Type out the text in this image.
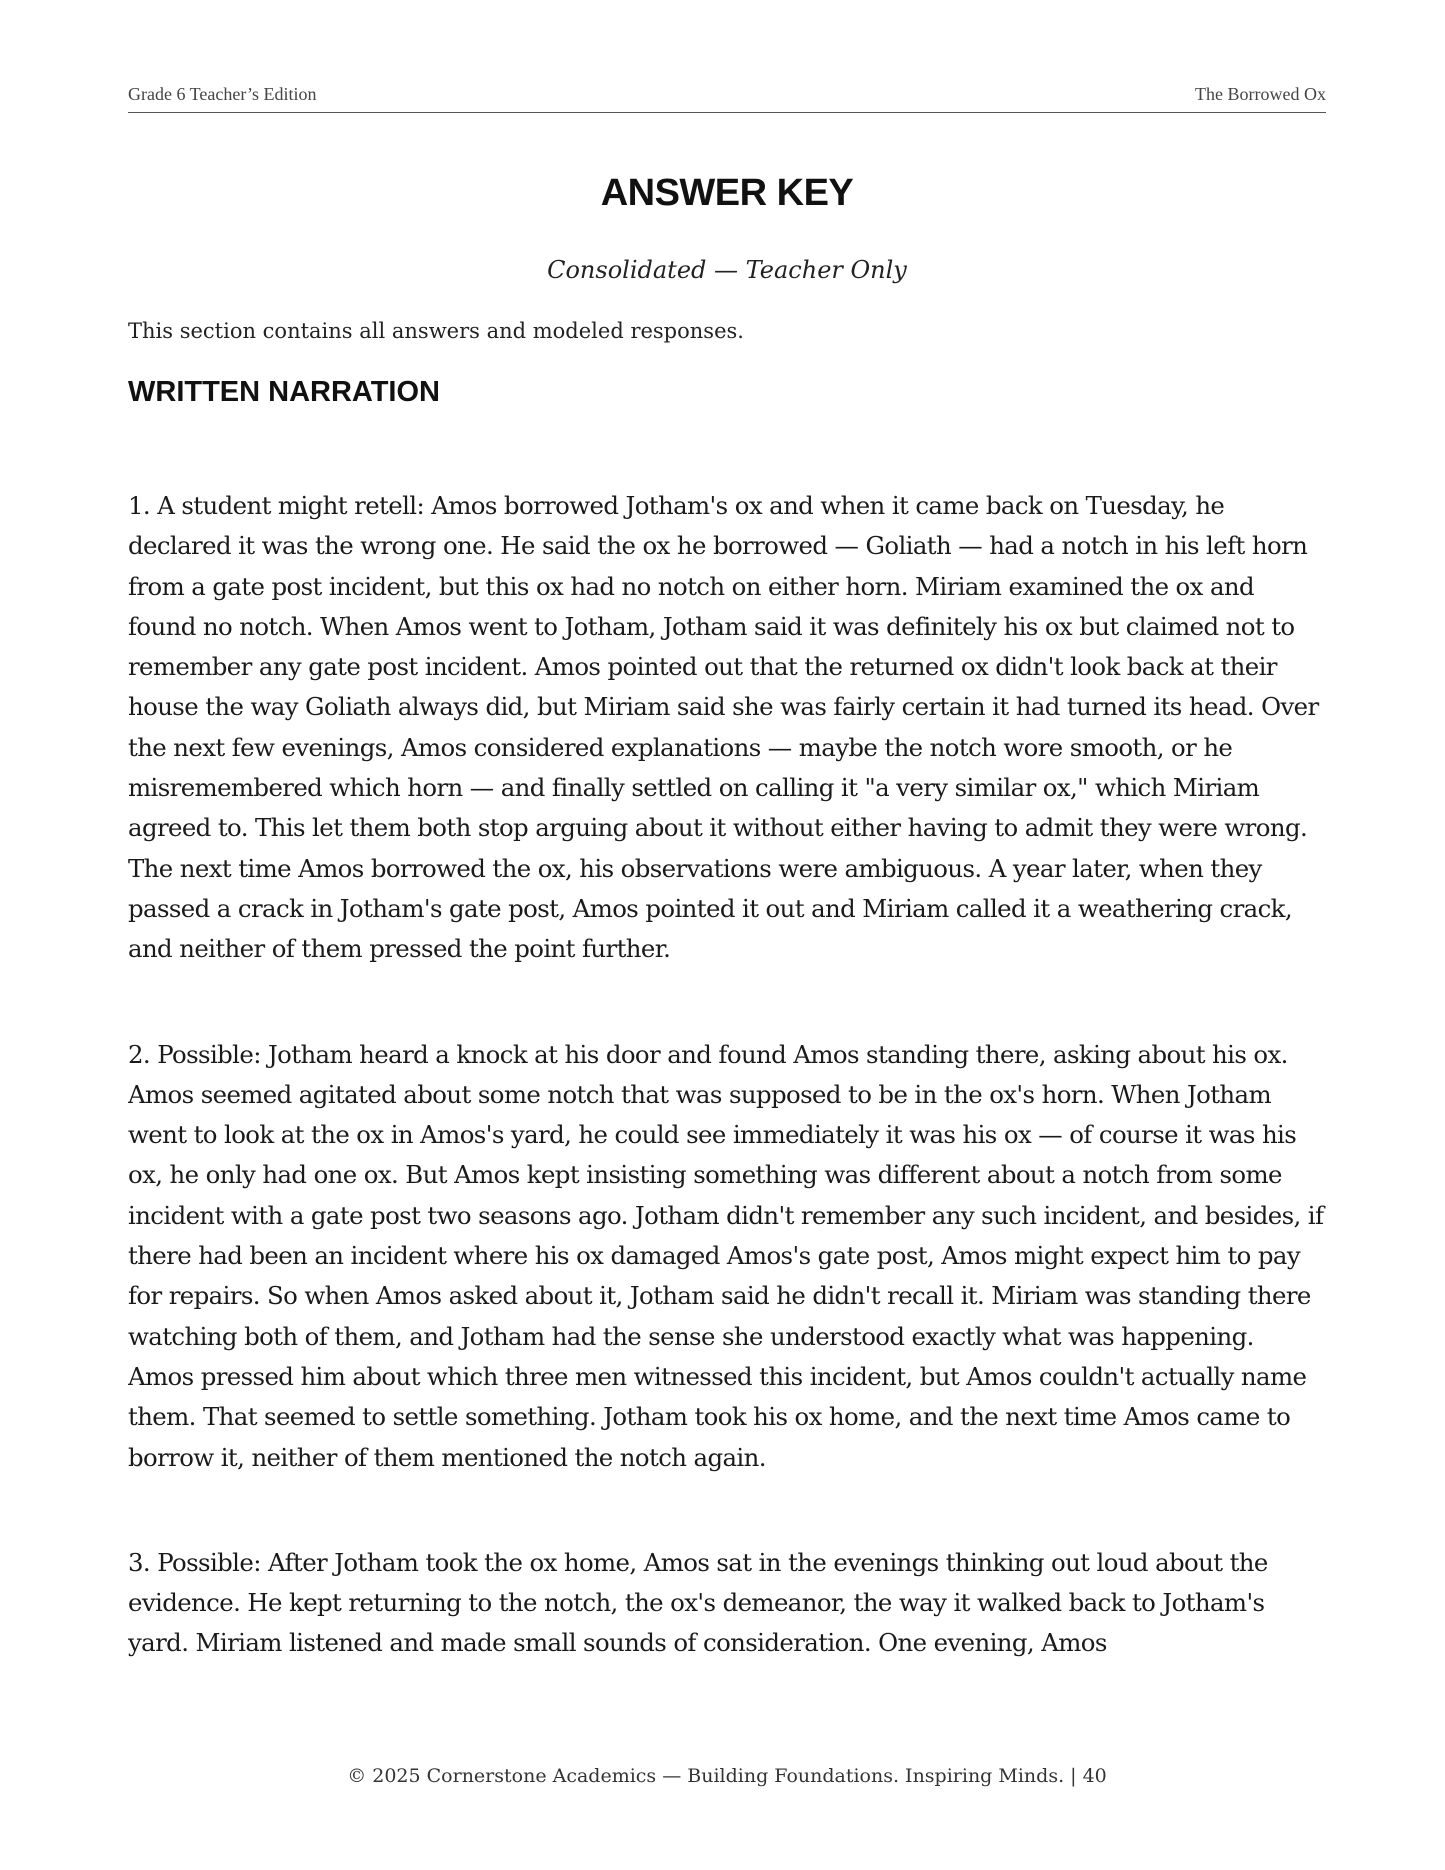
Grade 6 Teacher’s Edition	The Borrowed Ox
ANSWER KEY
Consolidated — Teacher Only
This section contains all answers and modeled responses.
WRITTEN NARRATION

1. A student might retell: Amos borrowed Jotham's ox and when it came back on Tuesday, he declared it was the wrong one. He said the ox he borrowed — Goliath — had a notch in his left horn from a gate post incident, but this ox had no notch on either horn. Miriam examined the ox and found no notch. When Amos went to Jotham, Jotham said it was definitely his ox but claimed not to remember any gate post incident. Amos pointed out that the returned ox didn't look back at their house the way Goliath always did, but Miriam said she was fairly certain it had turned its head. Over the next few evenings, Amos considered explanations — maybe the notch wore smooth, or he misremembered which horn — and finally settled on calling it "a very similar ox," which Miriam agreed to. This let them both stop arguing about it without either having to admit they were wrong. The next time Amos borrowed the ox, his observations were ambiguous. A year later, when they passed a crack in Jotham's gate post, Amos pointed it out and Miriam called it a weathering crack, and neither of them pressed the point further.

2. Possible: Jotham heard a knock at his door and found Amos standing there, asking about his ox. Amos seemed agitated about some notch that was supposed to be in the ox's horn. When Jotham went to look at the ox in Amos's yard, he could see immediately it was his ox — of course it was his ox, he only had one ox. But Amos kept insisting something was different about a notch from some incident with a gate post two seasons ago. Jotham didn't remember any such incident, and besides, if there had been an incident where his ox damaged Amos's gate post, Amos might expect him to pay for repairs. So when Amos asked about it, Jotham said he didn't recall it. Miriam was standing there watching both of them, and Jotham had the sense she understood exactly what was happening. Amos pressed him about which three men witnessed this incident, but Amos couldn't actually name them. That seemed to settle something. Jotham took his ox home, and the next time Amos came to borrow it, neither of them mentioned the notch again.

3. Possible: After Jotham took the ox home, Amos sat in the evenings thinking out loud about the evidence. He kept returning to the notch, the ox's demeanor, the way it walked back to Jotham's yard. Miriam listened and made small sounds of consideration. One evening, Amos

© 2025 Cornerstone Academics — Building Foundations. Inspiring Minds. | 40
